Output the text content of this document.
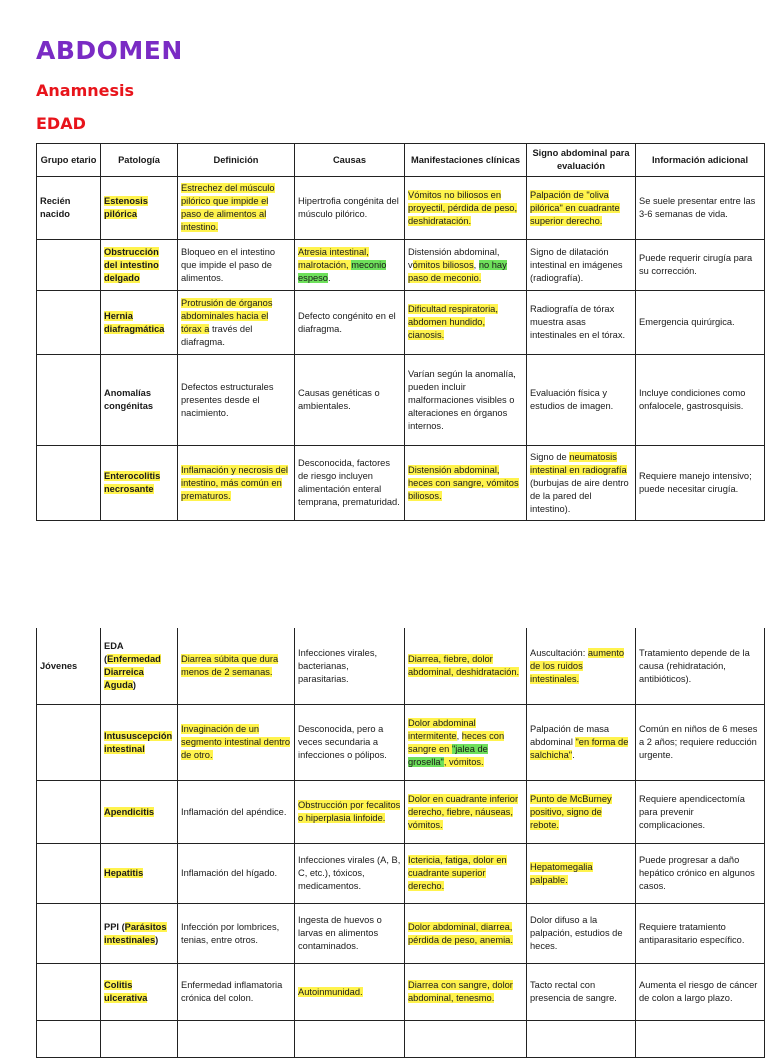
ABDOMEN
Anamnesis
EDAD
Grupo etario	Patología	Definición	Causas	Manifestaciones clínicas	Signo abdominal para evaluación	Información adicional
Recién nacido	Estenosis pilórica	Estrechez del músculo pilórico que impide el paso de alimentos al intestino.	Hipertrofia congénita del músculo pilórico.	Vómitos no biliosos en proyectil, pérdida de peso, deshidratación.	Palpación de "oliva pilórica" en cuadrante superior derecho.	Se suele presentar entre las 3-6 semanas de vida.
	Obstrucción del intestino delgado	Bloqueo en el intestino que impide el paso de alimentos.	Atresia intestinal, malrotación, meconio espeso.	Distensión abdominal, vómitos biliosos, no hay paso de meconio.	Signo de dilatación intestinal en imágenes (radiografía).	Puede requerir cirugía para su corrección.
	Hernia diafragmática	Protrusión de órganos abdominales hacia el tórax a través del diafragma.	Defecto congénito en el diafragma.	Dificultad respiratoria, abdomen hundido, cianosis.	Radiografía de tórax muestra asas intestinales en el tórax.	Emergencia quirúrgica.
	Anomalías congénitas	Defectos estructurales presentes desde el nacimiento.	Causas genéticas o ambientales.	Varían según la anomalía, pueden incluir malformaciones visibles o alteraciones en órganos internos.	Evaluación física y estudios de imagen.	Incluye condiciones como onfalocele, gastrosquisis.
	Enterocolitis necrosante	Inflamación y necrosis del intestino, más común en prematuros.	Desconocida, factores de riesgo incluyen alimentación enteral temprana, prematuridad.	Distensión abdominal, heces con sangre, vómitos biliosos.	Signo de neumatosis intestinal en radiografía (burbujas de aire dentro de la pared del intestino).	Requiere manejo intensivo; puede necesitar cirugía.
Jóvenes	EDA (Enfermedad Diarreica Aguda)	Diarrea súbita que dura menos de 2 semanas.	Infecciones virales, bacterianas, parasitarias.	Diarrea, fiebre, dolor abdominal, deshidratación.	Auscultación: aumento de los ruidos intestinales.	Tratamiento depende de la causa (rehidratación, antibióticos).
	Intususcepción intestinal	Invaginación de un segmento intestinal dentro de otro.	Desconocida, pero a veces secundaria a infecciones o pólipos.	Dolor abdominal intermitente, heces con sangre en "jalea de grosella", vómitos.	Palpación de masa abdominal "en forma de salchicha".	Común en niños de 6 meses a 2 años; requiere reducción urgente.
	Apendicitis	Inflamación del apéndice.	Obstrucción por fecalitos o hiperplasia linfoide.	Dolor en cuadrante inferior derecho, fiebre, náuseas, vómitos.	Punto de McBurney positivo, signo de rebote.	Requiere apendicectomía para prevenir complicaciones.
	Hepatitis	Inflamación del hígado.	Infecciones virales (A, B, C, etc.), tóxicos, medicamentos.	Ictericia, fatiga, dolor en cuadrante superior derecho.	Hepatomegalia palpable.	Puede progresar a daño hepático crónico en algunos casos.
	PPI (Parásitos intestinales)	Infección por lombrices, tenias, entre otros.	Ingesta de huevos o larvas en alimentos contaminados.	Dolor abdominal, diarrea, pérdida de peso, anemia.	Dolor difuso a la palpación, estudios de heces.	Requiere tratamiento antiparasitario específico.
	Colitis ulcerativa	Enfermedad inflamatoria crónica del colon.	Autoinmunidad.	Diarrea con sangre, dolor abdominal, tenesmo.	Tacto rectal con presencia de sangre.	Aumenta el riesgo de cáncer de colon a largo plazo.
